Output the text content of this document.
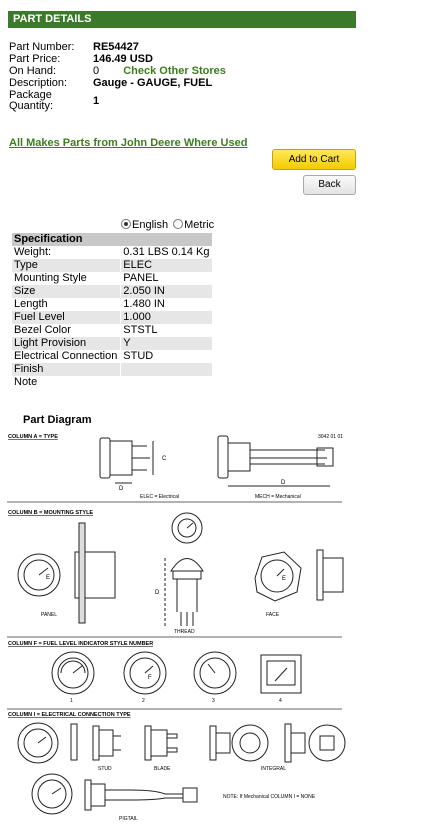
PART DETAILS
Part Number: RE54427
Part Price:	146.49 USD
On Hand:	0 Check Other Stores
Description: Gauge - GAUGE, FUEL
Package
Quantity:	1
All Makes Parts from John Deere Where Used
Add to Cart
Back
English Metric
Specification	
Weight:	0.31 LBS 0.14 Kg
Type	ELEC
Mounting Style	PANEL
Size	2.050 IN
Length	1.480 IN
Fuel Level	1.000
Bezel Color	STSTL
Light Provision	Y
Electrical Connection	STUD
Finish	
Note	
Part Diagram
COLUMN A = TYPE	3042 01 01
C
D
ELEC = Electrical
D
MECH = Mechanical
COLUMN B = MOUNTING STYLE
E
PANEL
D
THREAD
E
FACE
COLUMN F = FUEL LEVEL INDICATOR STYLE NUMBER
1
F
2	3	4
COLUMN I = ELECTRICAL CONNECTION TYPE
STUD	BLADE	INTEGRAL
PIGTAIL
NOTE: If Mechanical COLUMN I = NONE
